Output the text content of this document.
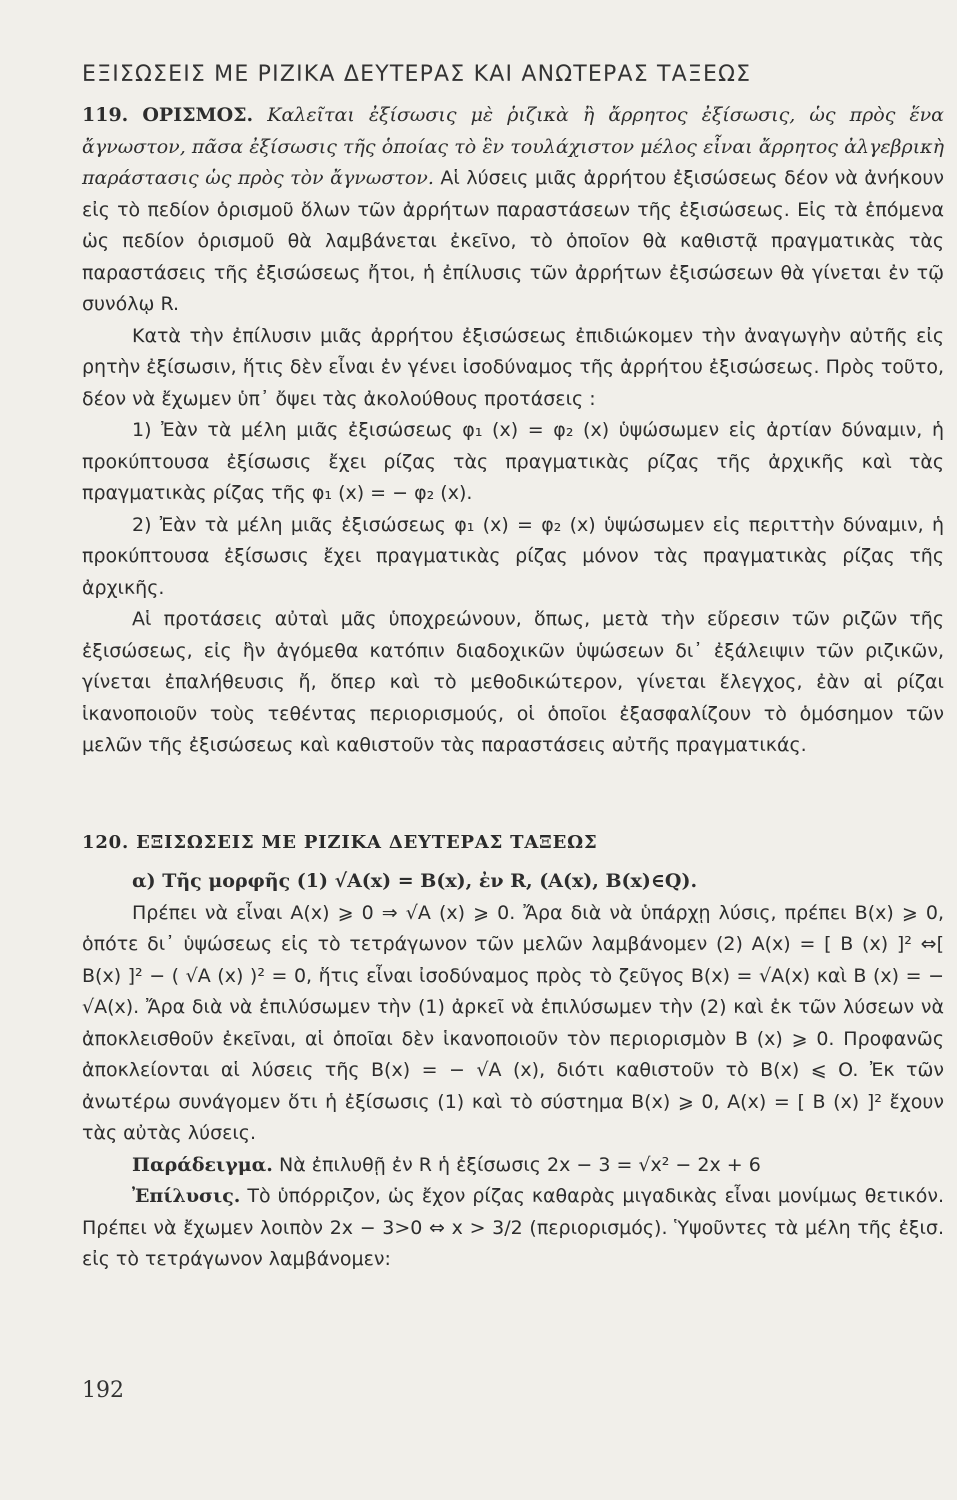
ΕΞΙΣΩΣΕΙΣ ΜΕ ΡΙΖΙΚΑ ΔΕΥΤΕΡΑΣ ΚΑΙ ΑΝΩΤΕΡΑΣ ΤΑΞΕΩΣ

119. ΟΡΙΣΜΟΣ. Καλεῖται ἐξίσωσις μὲ ῥιζικὰ ἢ ἄρρητος ἐξίσωσις, ὡς πρὸς ἕνα ἄγνωστον, πᾶσα ἐξίσωσις τῆς ὁποίας τὸ ἓν τουλάχιστον μέλος εἶναι ἄρρητος ἀλγεβρικὴ παράστασις ὡς πρὸς τὸν ἄγνωστον. Αἱ λύσεις μιᾶς ἀρρήτου ἐξισώσεως δέον νὰ ἀνήκουν εἰς τὸ πεδίον ὁρισμοῦ ὅλων τῶν ἀρρήτων παραστάσεων τῆς ἐξισώσεως. Εἰς τὰ ἑπόμενα ὡς πεδίον ὁρισμοῦ θὰ λαμβάνεται ἐκεῖνο, τὸ ὁποῖον θὰ καθιστᾷ πραγματικὰς τὰς παραστάσεις τῆς ἐξισώσεως ἤτοι, ἡ ἐπίλυσις τῶν ἀρρήτων ἐξισώσεων θὰ γίνεται ἐν τῷ συνόλῳ R.

Κατὰ τὴν ἐπίλυσιν μιᾶς ἀρρήτου ἐξισώσεως ἐπιδιώκομεν τὴν ἀναγωγὴν αὐτῆς εἰς ρητὴν ἐξίσωσιν, ἥτις δὲν εἶναι ἐν γένει ἰσοδύναμος τῆς ἀρρήτου ἐξισώσεως. Πρὸς τοῦτο, δέον νὰ ἔχωμεν ὑπ᾽ ὄψει τὰς ἀκολούθους προτάσεις :

1) Ἐὰν τὰ μέλη μιᾶς ἐξισώσεως φ₁ (x) = φ₂ (x) ὑψώσωμεν εἰς ἀρτίαν δύναμιν, ἡ προκύπτουσα ἐξίσωσις ἔχει ρίζας τὰς πραγματικὰς ρίζας τῆς ἀρχικῆς καὶ τὰς πραγματικὰς ρίζας τῆς φ₁ (x) = − φ₂ (x).

2) Ἐὰν τὰ μέλη μιᾶς ἐξισώσεως φ₁ (x) = φ₂ (x) ὑψώσωμεν εἰς περιττὴν δύναμιν, ἡ προκύπτουσα ἐξίσωσις ἔχει πραγματικὰς ρίζας μόνον τὰς πραγματικὰς ρίζας τῆς ἀρχικῆς.

Αἱ προτάσεις αὐταὶ μᾶς ὑποχρεώνουν, ὅπως, μετὰ τὴν εὕρεσιν τῶν ριζῶν τῆς ἐξισώσεως, εἰς ἣν ἀγόμεθα κατόπιν διαδοχικῶν ὑψώσεων δι᾽ ἐξάλειψιν τῶν ριζικῶν, γίνεται ἐπαλήθευσις ἤ, ὅπερ καὶ τὸ μεθοδικώτερον, γίνεται ἔλεγχος, ἐὰν αἱ ρίζαι ἱκανοποιοῦν τοὺς τεθέντας περιορισμούς, οἱ ὁποῖοι ἐξασφαλίζουν τὸ ὁμόσημον τῶν μελῶν τῆς ἐξισώσεως καὶ καθιστοῦν τὰς παραστάσεις αὐτῆς πραγματικάς.

120. ΕΞΙΣΩΣΕΙΣ ΜΕ ΡΙΖΙΚΑ ΔΕΥΤΕΡΑΣ ΤΑΞΕΩΣ

α) Τῆς μορφῆς (1) √A(x) = B(x), ἐν R, (A(x), B(x)∈Q).

Πρέπει νὰ εἶναι A(x) ⩾ 0 ⇒ √A (x) ⩾ 0. Ἄρα διὰ νὰ ὑπάρχῃ λύσις, πρέπει B(x) ⩾ 0, ὁπότε δι᾽ ὑψώσεως εἰς τὸ τετράγωνον τῶν μελῶν λαμβάνομεν (2) A(x) = [ B (x) ]² ⇔[ B(x) ]² − ( √A (x) )² = 0, ἥτις εἶναι ἰσοδύναμος πρὸς τὸ ζεῦγος B(x) = √A(x) καὶ B (x) = − √A(x). Ἄρα διὰ νὰ ἐπιλύσωμεν τὴν (1) ἀρκεῖ νὰ ἐπιλύσωμεν τὴν (2) καὶ ἐκ τῶν λύσεων νὰ ἀποκλεισθοῦν ἐκεῖναι, αἱ ὁποῖαι δὲν ἱκανοποιοῦν τὸν περιορισμὸν B (x) ⩾ 0. Προφανῶς ἀποκλείονται αἱ λύσεις τῆς B(x) = − √A (x), διότι καθιστοῦν τὸ B(x) ⩽ O. Ἐκ τῶν ἀνωτέρω συνάγομεν ὅτι ἡ ἐξίσωσις (1) καὶ τὸ σύστημα B(x) ⩾ 0, A(x) = [ B (x) ]² ἔχουν τὰς αὐτὰς λύσεις.

Παράδειγμα. Νὰ ἐπιλυθῇ ἐν R ἡ ἐξίσωσις 2x − 3 = √x² − 2x + 6

Ἐπίλυσις. Τὸ ὑπόρριζον, ὡς ἔχον ρίζας καθαρὰς μιγαδικὰς εἶναι μονίμως θετικόν. Πρέπει νὰ ἔχωμεν λοιπὸν 2x − 3>0 ⇔ x > 3/2 (περιορισμός). Ὑψοῦντες τὰ μέλη τῆς ἐξισ. εἰς τὸ τετράγωνον λαμβάνομεν:

192
